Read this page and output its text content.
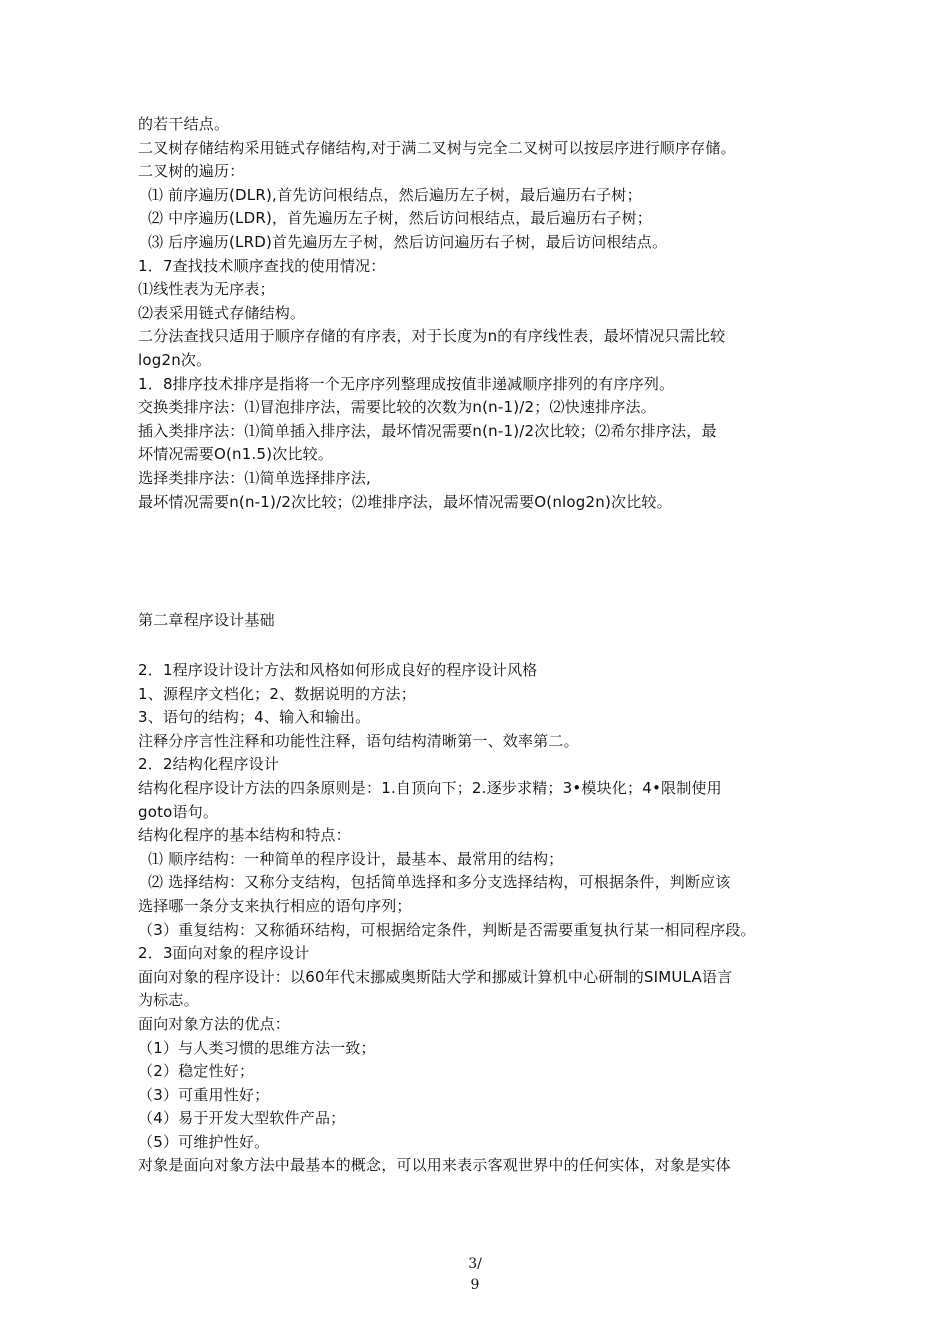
的若干结点。
二叉树存储结构采用链式存储结构,对于满二叉树与完全二叉树可以按层序进行顺序存储。
二叉树的遍历：
⑴ 前序遍历(DLR),首先访问根结点，然后遍历左子树，最后遍历右子树；
⑵ 中序遍历(LDR)，首先遍历左子树，然后访问根结点，最后遍历右子树；
⑶ 后序遍历(LRD)首先遍历左子树，然后访问遍历右子树，最后访问根结点。
1．7查找技术顺序查找的使用情况：
⑴线性表为无序表；
⑵表采用链式存储结构。
二分法查找只适用于顺序存储的有序表，对于长度为n的有序线性表，最坏情况只需比较
log2n次。
1．8排序技术排序是指将一个无序序列整理成按值非递减顺序排列的有序序列。
交换类排序法：⑴冒泡排序法，需要比较的次数为n(n-1)/2；⑵快速排序法。
插入类排序法：⑴简单插入排序法，最坏情况需要n(n-1)/2次比较；⑵希尔排序法，最
坏情况需要O(n1.5)次比较。
选择类排序法：⑴简单选择排序法,
最坏情况需要n(n-1)/2次比较；⑵堆排序法，最坏情况需要O(nlog2n)次比较。
第二章程序设计基础
2．1程序设计设计方法和风格如何形成良好的程序设计风格
1、源程序文档化；2、数据说明的方法；
3、语句的结构；4、输入和输出。
注释分序言性注释和功能性注释，语句结构清晰第一、效率第二。
2．2结构化程序设计
结构化程序设计方法的四条原则是：1.自顶向下；2.逐步求精；3•模块化；4•限制使用
goto语句。
结构化程序的基本结构和特点：
⑴ 顺序结构：一种简单的程序设计，最基本、最常用的结构；
⑵ 选择结构：又称分支结构，包括简单选择和多分支选择结构，可根据条件，判断应该
选择哪一条分支来执行相应的语句序列；
（3）重复结构：又称循环结构，可根据给定条件，判断是否需要重复执行某一相同程序段。
2．3面向对象的程序设计
面向对象的程序设计：以60年代末挪威奥斯陆大学和挪威计算机中心研制的SIMULA语言
为标志。
面向对象方法的优点：
（1）与人类习惯的思维方法一致；
（2）稳定性好；
（3）可重用性好；
（4）易于开发大型软件产品；
（5）可维护性好。
对象是面向对象方法中最基本的概念，可以用来表示客观世界中的任何实体，对象是实体
3/
9
